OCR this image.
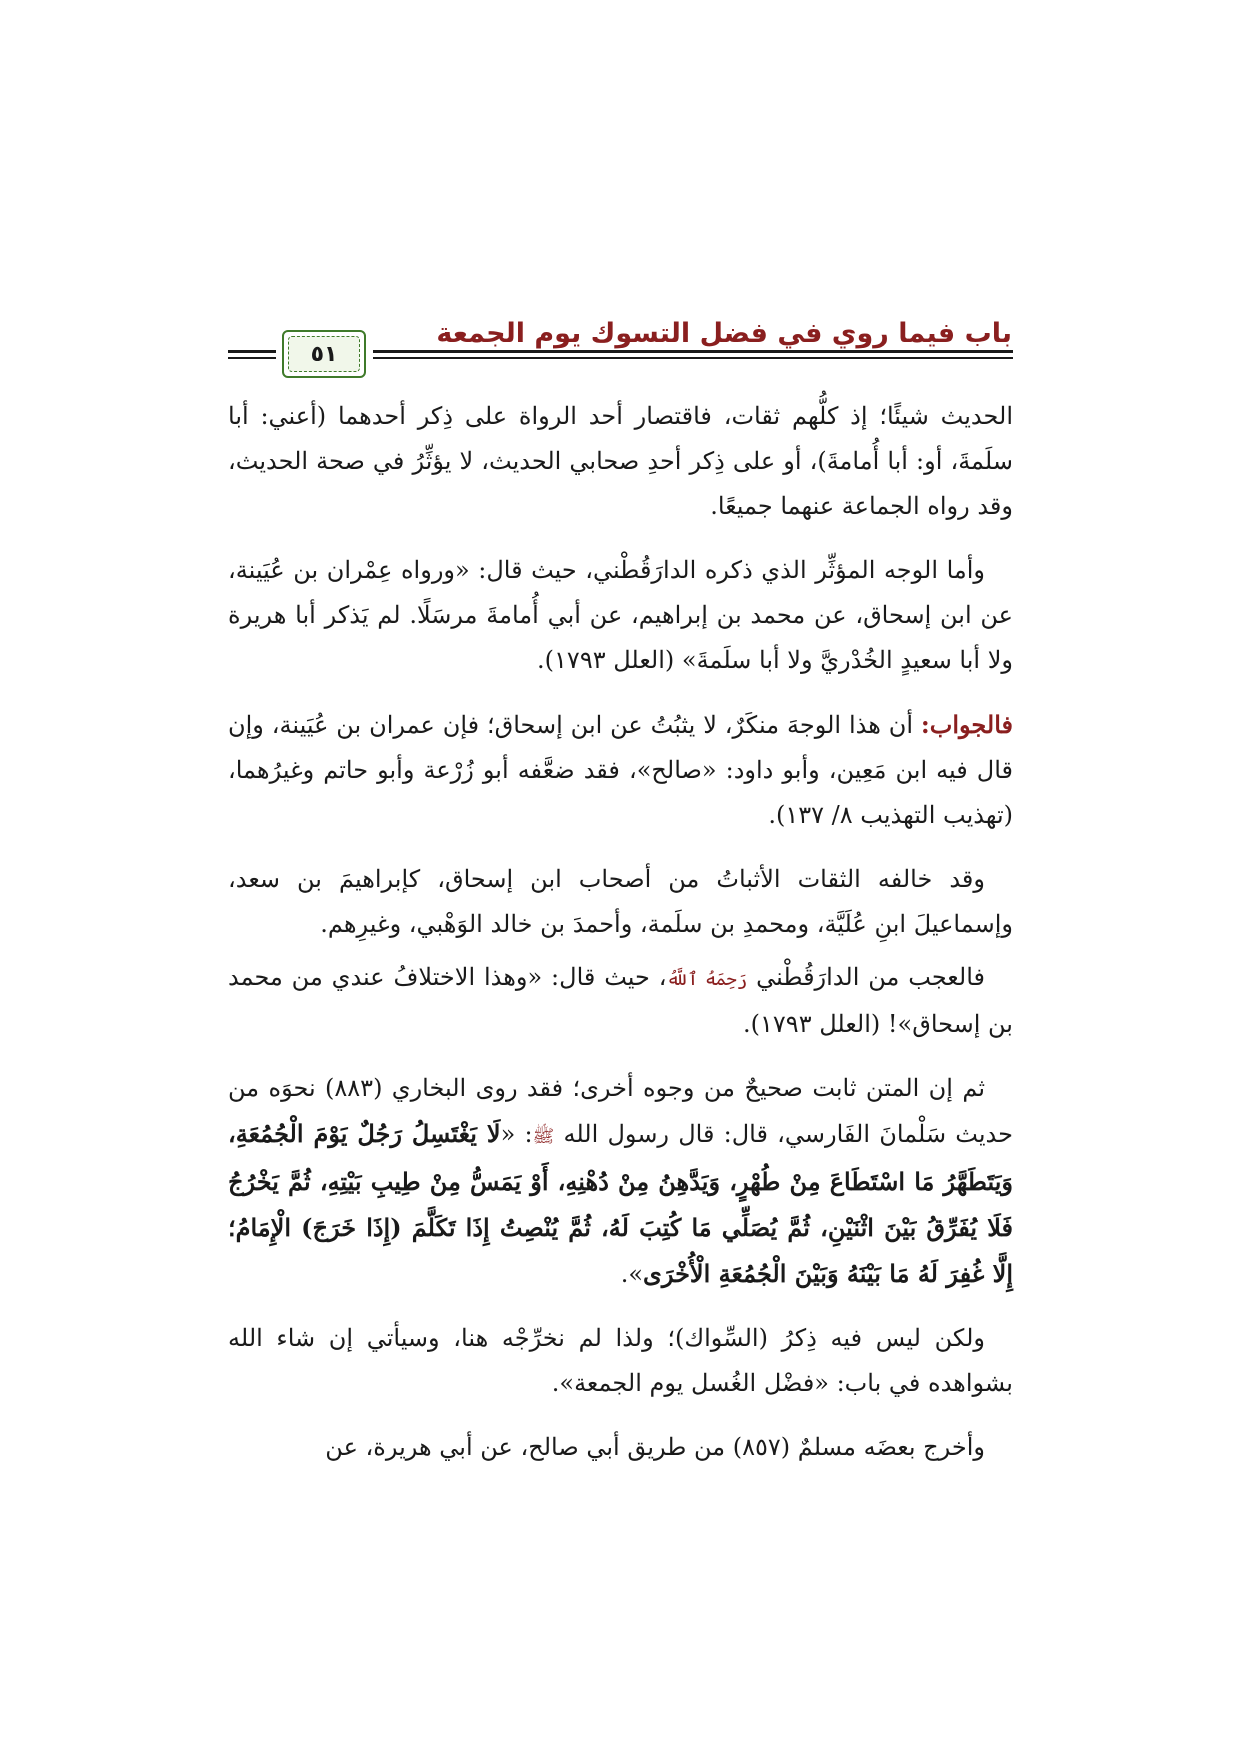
باب فيما روي في فضل التسوك يوم الجمعة
٥١

الحديث شيئًا؛ إذ كلُّهم ثقات، فاقتصار أحد الرواة على ذِكر أحدهما (أعني: أبا سلَمةَ، أو: أبا أُمامةَ)، أو على ذِكر أحدِ صحابي الحديث، لا يؤثِّرُ في صحة الحديث، وقد رواه الجماعة عنهما جميعًا.

وأما الوجه المؤثِّر الذي ذكره الدارَقُطْني، حيث قال: «ورواه عِمْران بن عُيَينة، عن ابن إسحاق، عن محمد بن إبراهيم، عن أبي أُمامةَ مرسَلًا. لم يَذكر أبا هريرة ولا أبا سعيدٍ الخُدْريَّ ولا أبا سلَمةَ» (العلل ١٧٩٣).

فالجواب: أن هذا الوجهَ منكَرٌ، لا يثبُتُ عن ابن إسحاق؛ فإن عمران بن عُيَينة، وإن قال فيه ابن مَعِين، وأبو داود: «صالح»، فقد ضعَّفه أبو زُرْعة وأبو حاتم وغيرُهما، (تهذيب التهذيب ٨/ ١٣٧).

وقد خالفه الثقات الأثباتُ من أصحاب ابن إسحاق، كإبراهيمَ بن سعد، وإسماعيلَ ابنِ عُلَيَّة، ومحمدِ بن سلَمة، وأحمدَ بن خالد الوَهْبي، وغيرِهم.

فالعجب من الدارَقُطْني رَحِمَهُ ٱللَّهُ، حيث قال: «وهذا الاختلافُ عندي من محمد بن إسحاق»! (العلل ١٧٩٣).

ثم إن المتن ثابت صحيحٌ من وجوه أخرى؛ فقد روى البخاري (٨٨٣) نحوَه من حديث سَلْمانَ الفَارسي، قال: قال رسول الله ﷺ: «لَا يَغْتَسِلُ رَجُلٌ يَوْمَ الْجُمُعَةِ، وَيَتَطَهَّرُ مَا اسْتَطَاعَ مِنْ طُهْرٍ، وَيَدَّهِنُ مِنْ دُهْنِهِ، أَوْ يَمَسُّ مِنْ طِيبِ بَيْتِهِ، ثُمَّ يَخْرُجُ فَلَا يُفَرِّقُ بَيْنَ اثْنَيْنِ، ثُمَّ يُصَلِّي مَا كُتِبَ لَهُ، ثُمَّ يُنْصِتُ إِذَا تَكَلَّمَ (إِذَا خَرَجَ) الْإِمَامُ؛ إِلَّا غُفِرَ لَهُ مَا بَيْنَهُ وَبَيْنَ الْجُمُعَةِ الْأُخْرَى».

ولكن ليس فيه ذِكرُ (السِّواك)؛ ولذا لم نخرِّجْه هنا، وسيأتي إن شاء الله بشواهده في باب: «فضْل الغُسل يوم الجمعة».

وأخرج بعضَه مسلمٌ (٨٥٧) من طريق أبي صالح، عن أبي هريرة، عن
